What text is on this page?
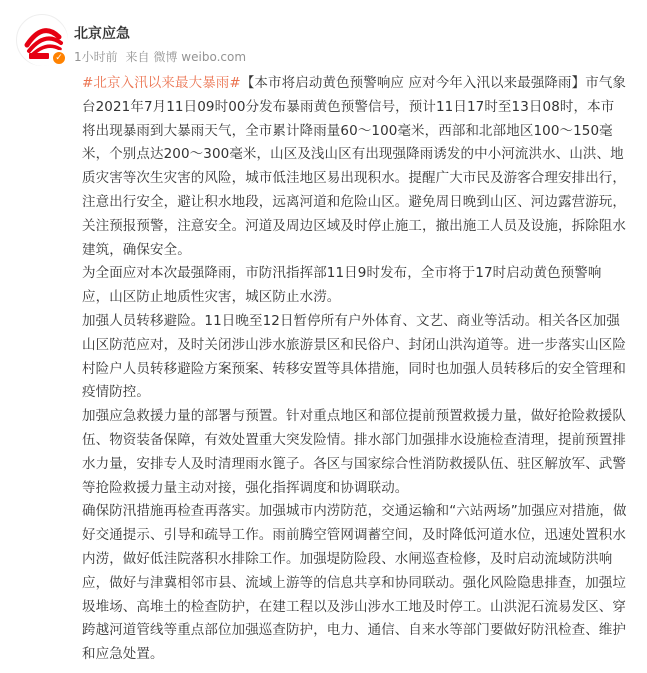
✓
北京应急
1小时前 来自 微博 weibo.com

#北京入汛以来最大暴雨#【本市将启动黄色预警响应 应对今年入汛以来最强降雨】市气象台2021年7月11日09时00分发布暴雨黄色预警信号，预计11日17时至13日08时，本市将出现暴雨到大暴雨天气，全市累计降雨量60～100毫米，西部和北部地区100～150毫米，个别点达200～300毫米，山区及浅山区有出现强降雨诱发的中小河流洪水、山洪、地质灾害等次生灾害的风险，城市低洼地区易出现积水。提醒广大市民及游客合理安排出行，注意出行安全，避让积水地段，远离河道和危险山区。避免周日晚到山区、河边露营游玩，关注预报预警，注意安全。河道及周边区域及时停止施工，撤出施工人员及设施，拆除阻水建筑，确保安全。

为全面应对本次最强降雨，市防汛指挥部11日9时发布，全市将于17时启动黄色预警响应，山区防止地质性灾害，城区防止水涝。

加强人员转移避险。11日晚至12日暂停所有户外体育、文艺、商业等活动。相关各区加强山区防范应对，及时关闭涉山涉水旅游景区和民俗户、封闭山洪沟道等。进一步落实山区险村险户人员转移避险方案预案、转移安置等具体措施，同时也加强人员转移后的安全管理和疫情防控。

加强应急救援力量的部署与预置。针对重点地区和部位提前预置救援力量，做好抢险救援队伍、物资装备保障，有效处置重大突发险情。排水部门加强排水设施检查清理，提前预置排水力量，安排专人及时清理雨水篦子。各区与国家综合性消防救援队伍、驻区解放军、武警等抢险救援力量主动对接，强化指挥调度和协调联动。

确保防汛措施再检查再落实。加强城市内涝防范，交通运输和“六站两场”加强应对措施，做好交通提示、引导和疏导工作。雨前腾空管网调蓄空间，及时降低河道水位，迅速处置积水内涝，做好低洼院落积水排除工作。加强堤防险段、水闸巡查检修，及时启动流域防洪响应，做好与津冀相邻市县、流域上游等的信息共享和协同联动。强化风险隐患排查，加强垃圾堆场、高堆土的检查防护，在建工程以及涉山涉水工地及时停工。山洪泥石流易发区、穿跨越河道管线等重点部位加强巡查防护，电力、通信、自来水等部门要做好防汛检查、维护和应急处置。
